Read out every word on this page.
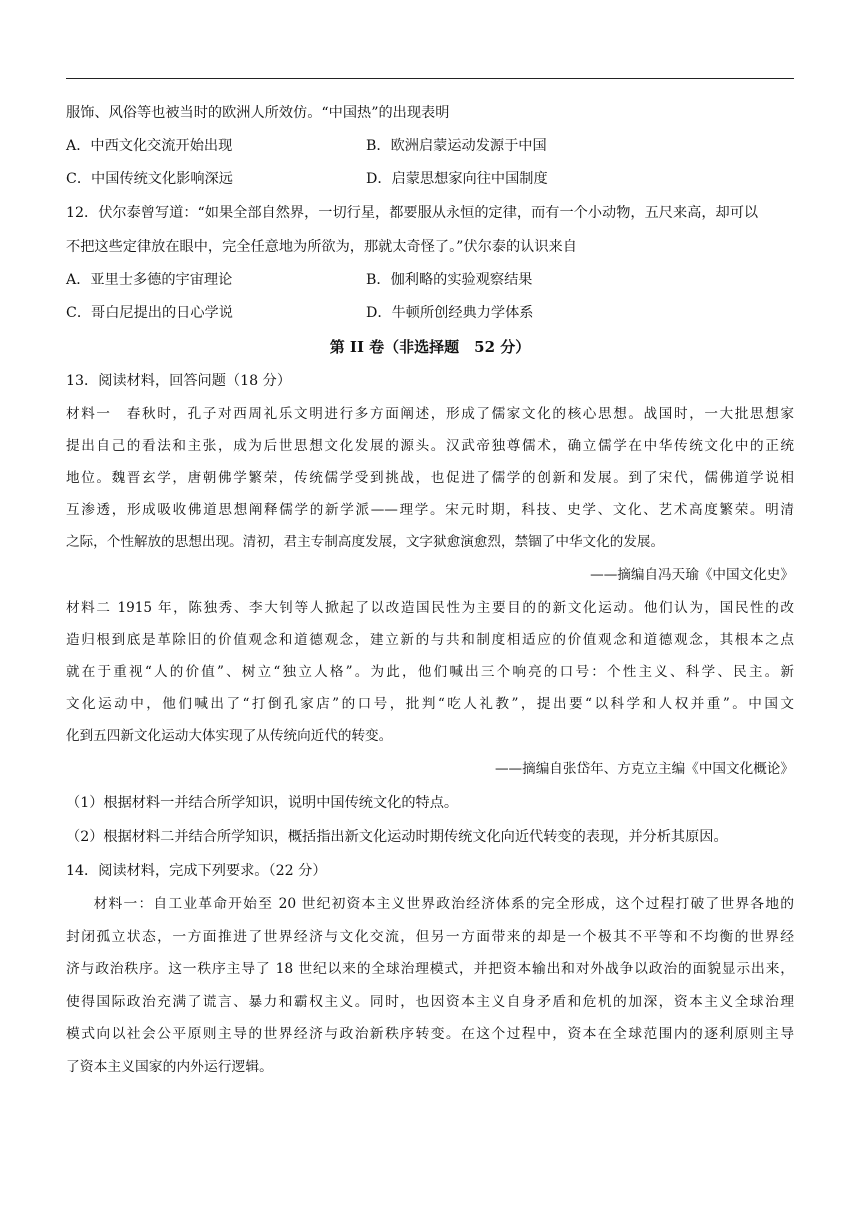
服饰、风俗等也被当时的欧洲人所效仿。“中国热”的出现表明
A．中西文化交流开始出现	B．欧洲启蒙运动发源于中国
C．中国传统文化影响深远	D．启蒙思想家向往中国制度
12．伏尔泰曾写道：“如果全部自然界，一切行星，都要服从永恒的定律，而有一个小动物，五尺来高，却可以
不把这些定律放在眼中，完全任意地为所欲为，那就太奇怪了。”伏尔泰的认识来自
A．亚里士多德的宇宙理论	B．伽利略的实验观察结果
C．哥白尼提出的日心学说	D．牛顿所创经典力学体系
第 II 卷（非选择题　52 分）
13．阅读材料，回答问题（18 分）
材料一　春秋时，孔子对西周礼乐文明进行多方面阐述，形成了儒家文化的核心思想。战国时，一大批思想家
提出自己的看法和主张，成为后世思想文化发展的源头。汉武帝独尊儒术，确立儒学在中华传统文化中的正统
地位。魏晋玄学，唐朝佛学繁荣，传统儒学受到挑战，也促进了儒学的创新和发展。到了宋代，儒佛道学说相
互渗透，形成吸收佛道思想阐释儒学的新学派——理学。宋元时期，科技、史学、文化、艺术高度繁荣。明清
之际，个性解放的思想出现。清初，君主专制高度发展，文字狱愈演愈烈，禁锢了中华文化的发展。
——摘编自冯天瑜《中国文化史》
材料二 1915 年，陈独秀、李大钊等人掀起了以改造国民性为主要目的的新文化运动。他们认为，国民性的改
造归根到底是革除旧的价值观念和道德观念，建立新的与共和制度相适应的价值观念和道德观念，其根本之点
就在于重视“人的价值”、树立“独立人格”。为此，他们喊出三个响亮的口号：个性主义、科学、民主。新
文化运动中，他们喊出了“打倒孔家店”的口号，批判“吃人礼教”，提出要“以科学和人权并重”。中国文
化到五四新文化运动大体实现了从传统向近代的转变。
——摘编自张岱年、方克立主编《中国文化概论》
（1）根据材料一并结合所学知识，说明中国传统文化的特点。
（2）根据材料二并结合所学知识，概括指出新文化运动时期传统文化向近代转变的表现，并分析其原因。
14．阅读材料，完成下列要求。（22 分）
材料一：自工业革命开始至 20 世纪初资本主义世界政治经济体系的完全形成，这个过程打破了世界各地的
封闭孤立状态，一方面推进了世界经济与文化交流，但另一方面带来的却是一个极其不平等和不均衡的世界经
济与政治秩序。这一秩序主导了 18 世纪以来的全球治理模式，并把资本输出和对外战争以政治的面貌显示出来，
使得国际政治充满了谎言、暴力和霸权主义。同时，也因资本主义自身矛盾和危机的加深，资本主义全球治理
模式向以社会公平原则主导的世界经济与政治新秩序转变。在这个过程中，资本在全球范围内的逐利原则主导
了资本主义国家的内外运行逻辑。
